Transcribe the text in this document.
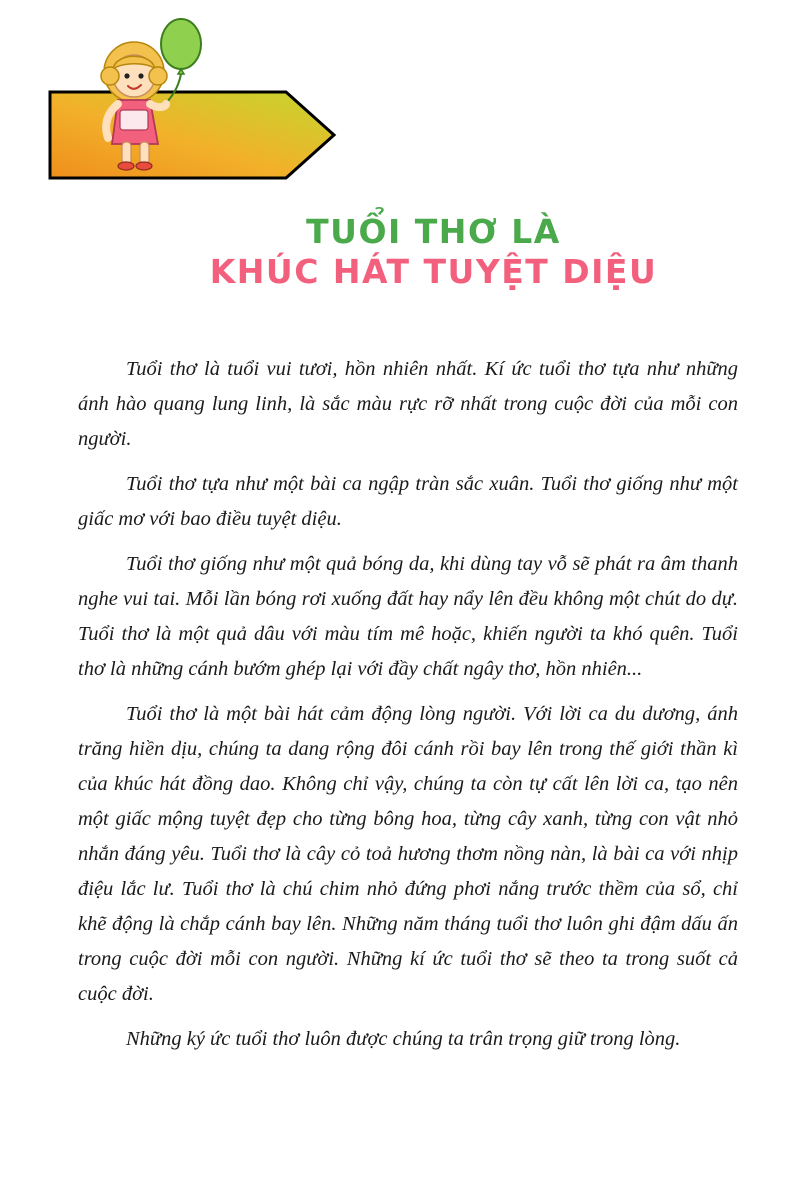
TUỔI THƠ LÀ
KHÚC HÁT TUYỆT DIỆU

Tuổi thơ là tuổi vui tươi, hồn nhiên nhất. Kí ức tuổi thơ tựa như những ánh hào quang lung linh, là sắc màu rực rỡ nhất trong cuộc đời của mỗi con người.

Tuổi thơ tựa như một bài ca ngập tràn sắc xuân. Tuổi thơ giống như một giấc mơ với bao điều tuyệt diệu.

Tuổi thơ giống như một quả bóng da, khi dùng tay vỗ sẽ phát ra âm thanh nghe vui tai. Mỗi lần bóng rơi xuống đất hay nẩy lên đều không một chút do dự. Tuổi thơ là một quả dâu với màu tím mê hoặc, khiến người ta khó quên. Tuổi thơ là những cánh bướm ghép lại với đầy chất ngây thơ, hồn nhiên...

Tuổi thơ là một bài hát cảm động lòng người. Với lời ca du dương, ánh trăng hiền dịu, chúng ta dang rộng đôi cánh rồi bay lên trong thế giới thần kì của khúc hát đồng dao. Không chỉ vậy, chúng ta còn tự cất lên lời ca, tạo nên một giấc mộng tuyệt đẹp cho từng bông hoa, từng cây xanh, từng con vật nhỏ nhắn đáng yêu. Tuổi thơ là cây cỏ toả hương thơm nồng nàn, là bài ca với nhịp điệu lắc lư. Tuổi thơ là chú chim nhỏ đứng phơi nắng trước thềm của sổ, chỉ khẽ động là chắp cánh bay lên. Những năm tháng tuổi thơ luôn ghi đậm dấu ấn trong cuộc đời mỗi con người. Những kí ức tuổi thơ sẽ theo ta trong suốt cả cuộc đời.

Những ký ức tuổi thơ luôn được chúng ta trân trọng giữ trong lòng.
